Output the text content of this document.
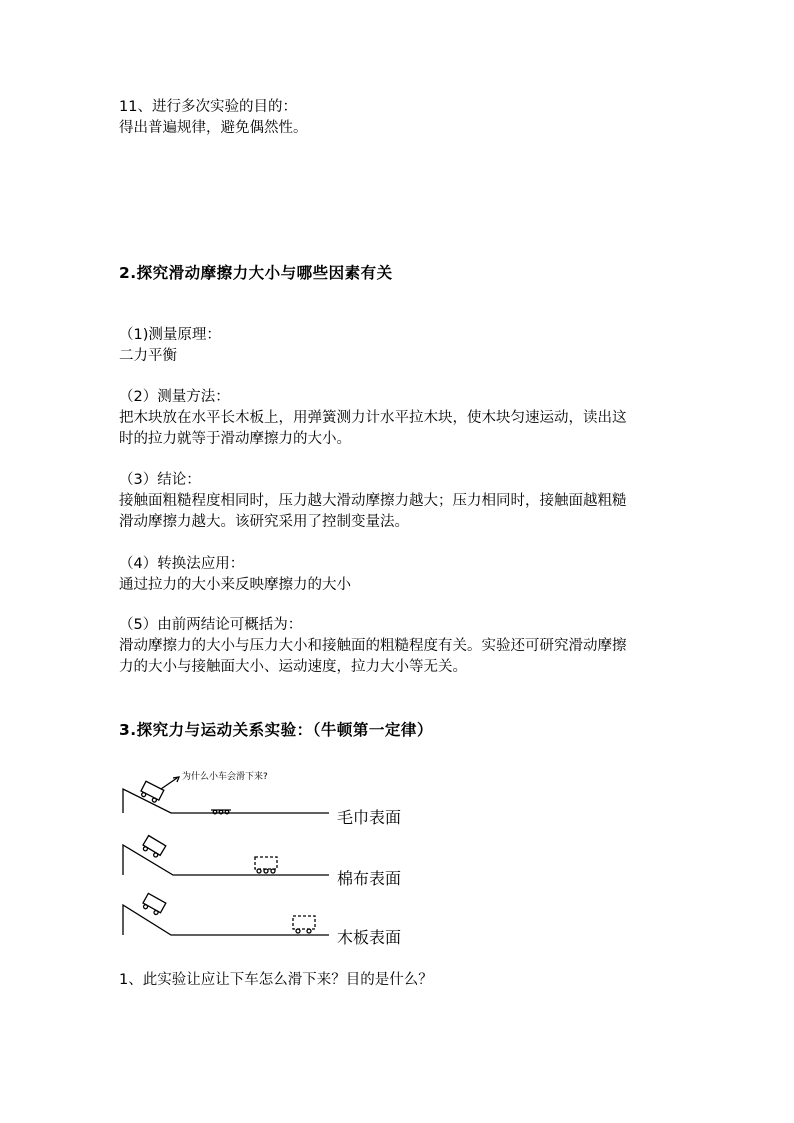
11、进行多次实验的目的：
得出普遍规律，避免偶然性。
2.探究滑动摩擦力大小与哪些因素有关
（1)测量原理：
二力平衡
（2）测量方法：
把木块放在水平长木板上，用弹簧测力计水平拉木块，使木块匀速运动，读出这
时的拉力就等于滑动摩擦力的大小。
（3）结论：
接触面粗糙程度相同时，压力越大滑动摩擦力越大；压力相同时，接触面越粗糙
滑动摩擦力越大。该研究采用了控制变量法。
（4）转换法应用：
通过拉力的大小来反映摩擦力的大小
（5）由前两结论可概括为：
滑动摩擦力的大小与压力大小和接触面的粗糙程度有关。实验还可研究滑动摩擦
力的大小与接触面大小、运动速度，拉力大小等无关。
3.探究力与运动关系实验：（牛顿第一定律）
为什么小车会滑下来?
毛巾表面
棉布表面
木板表面
1、此实验让应让下车怎么滑下来？目的是什么？
